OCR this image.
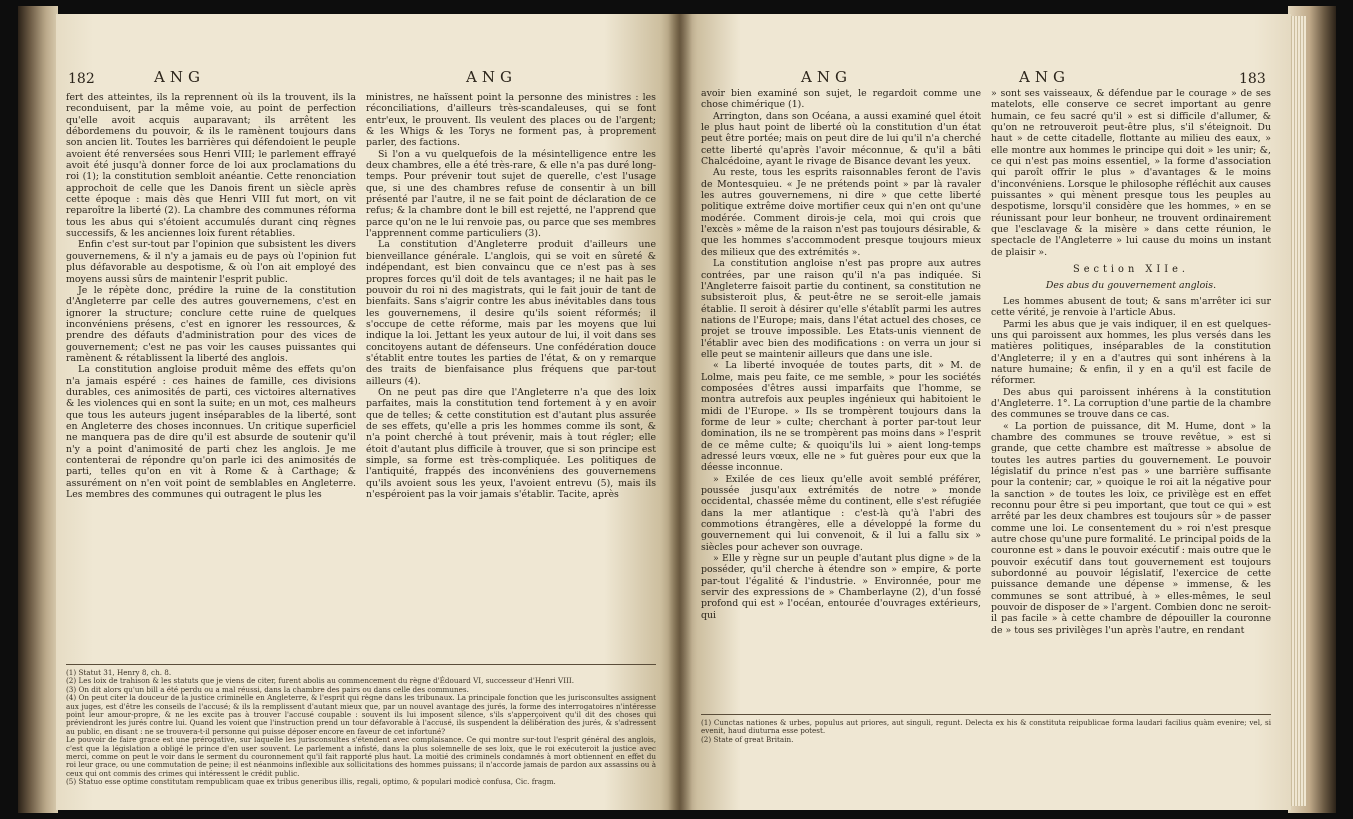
182	ANG	ANG

fert des atteintes, ils la reprennent où ils la trouvent, ils la reconduisent, par la même voie, au point de perfection qu'elle avoit acquis auparavant; ils arrêtent les débordemens du pouvoir, & ils le ramènent toujours dans son ancien lit. Toutes les barrières qui défendoient le peuple avoient été renversées sous Henri VIII; le parlement effrayé avoit été jusqu'à donner force de loi aux proclamations du roi (1); la constitution sembloit anéantie. Cette renonciation approchoit de celle que les Danois firent un siècle après cette époque : mais dès que Henri VIII fut mort, on vit reparoître la liberté (2). La chambre des communes réforma tous les abus qui s'étoient accumulés durant cinq règnes successifs, & les anciennes loix furent rétablies.

Enfin c'est sur-tout par l'opinion que subsistent les divers gouvernemens, & il n'y a jamais eu de pays où l'opinion fut plus défavorable au despotisme, & où l'on ait employé des moyens aussi sûrs de maintenir l'esprit public.

Je le répète donc, prédire la ruine de la constitution d'Angleterre par celle des autres gouvernemens, c'est en ignorer la structure; conclure cette ruine de quelques inconvéniens présens, c'est en ignorer les ressources, & prendre des défauts d'administration pour des vices de gouvernement; c'est ne pas voir les causes puissantes qui ramènent & rétablissent la liberté des anglois.

La constitution angloise produit même des effets qu'on n'a jamais espéré : ces haines de famille, ces divisions durables, ces animosités de parti, ces victoires alternatives & les violences qui en sont la suite; en un mot, ces malheurs que tous les auteurs jugent inséparables de la liberté, sont en Angleterre des choses inconnues. Un critique superficiel ne manquera pas de dire qu'il est absurde de soutenir qu'il n'y a point d'animosité de parti chez les anglois. Je me contenterai de répondre qu'on parle ici des animosités de parti, telles qu'on en vit à Rome & à Carthage; & assurément on n'en voit point de semblables en Angleterre. Les membres des communes qui outragent le plus les

ministres, ne haïssent point la personne des ministres : les réconciliations, d'ailleurs très-scandaleuses, qui se font entr'eux, le prouvent. Ils veulent des places ou de l'argent; & les Whigs & les Torys ne forment pas, à proprement parler, des factions.

Si l'on a vu quelquefois de la mésintelligence entre les deux chambres, elle a été très-rare, & elle n'a pas duré long-temps. Pour prévenir tout sujet de querelle, c'est l'usage que, si une des chambres refuse de consentir à un bill présenté par l'autre, il ne se fait point de déclaration de ce refus; & la chambre dont le bill est rejetté, ne l'apprend que parce qu'on ne le lui renvoie pas, ou parce que ses membres l'apprennent comme particuliers (3).

La constitution d'Angleterre produit d'ailleurs une bienveillance générale. L'anglois, qui se voit en sûreté & indépendant, est bien convaincu que ce n'est pas à ses propres forces qu'il doit de tels avantages; il ne hait pas le pouvoir du roi ni des magistrats, qui le fait jouir de tant de bienfaits. Sans s'aigrir contre les abus inévitables dans tous les gouvernemens, il desire qu'ils soient réformés; il s'occupe de cette réforme, mais par les moyens que lui indique la loi. Jettant les yeux autour de lui, il voit dans ses concitoyens autant de défenseurs. Une confédération douce s'établit entre toutes les parties de l'état, & on y remarque des traits de bienfaisance plus fréquens que par-tout ailleurs (4).

On ne peut pas dire que l'Angleterre n'a que des loix parfaites, mais la constitution tend fortement à y en avoir que de telles; & cette constitution est d'autant plus assurée de ses effets, qu'elle a pris les hommes comme ils sont, & n'a point cherché à tout prévenir, mais à tout régler; elle étoit d'autant plus difficile à trouver, que si son principe est simple, sa forme est très-compliquée. Les politiques de l'antiquité, frappés des inconvéniens des gouvernemens qu'ils avoient sous les yeux, l'avoient entrevu (5), mais ils n'espéroient pas la voir jamais s'établir. Tacite, après

(1) Statut 31, Henry 8, ch. 8.

(2) Les loix de trahison & les statuts que je viens de citer, furent abolis au commencement du règne d'Édouard VI, successeur d'Henri VIII.

(3) On dit alors qu'un bill a été perdu ou a mal réussi, dans la chambre des pairs ou dans celle des communes.

(4) On peut citer la douceur de la justice criminelle en Angleterre, & l'esprit qui règne dans les tribunaux. La principale fonction que les jurisconsultes assignent aux juges, est d'être les conseils de l'accusé; & ils la remplissent d'autant mieux que, par un nouvel avantage des jurés, la forme des interrogatoires n'intéresse point leur amour-propre, & ne les excite pas à trouver l'accusé coupable : souvent ils lui imposent silence, s'ils s'apperçoivent qu'il dit des choses qui préviendront les jurés contre lui. Quand les voient que l'instruction prend un tour défavorable à l'accusé, ils suspendent la délibération des jurés, & s'adressent au public, en disant : ne se trouvera-t-il personne qui puisse déposer encore en faveur de cet infortuné?

Le pouvoir de faire grace est une prérogative, sur laquelle les jurisconsultes s'étendent avec complaisance. Ce qui montre sur-tout l'esprit général des anglois, c'est que la législation a obligé le prince d'en user souvent. Le parlement a infisté, dans la plus solemnelle de ses loix, que le roi exécuteroit la justice avec merci, comme on peut le voir dans le serment du couronnement qu'il fait rapporté plus haut. La moitié des criminels condamnés à mort obtiennent en effet du roi leur grace, ou une commutation de peine; il est néanmoins inflexible aux sollicitations des hommes puissans; il n'accorde jamais de pardon aux assassins ou à ceux qui ont commis des crimes qui intéressent le crédit public.

(5) Statuo esse optime constitutam rempublicam quae ex tribus generibus illis, regali, optimo, & populari modicè confusa, Cic. fragm.

ANG	ANG	183

avoir bien examiné son sujet, le regardoit comme une chose chimérique (1).

Arrington, dans son Océana, a aussi examiné quel étoit le plus haut point de liberté où la constitution d'un état peut être portée; mais on peut dire de lui qu'il n'a cherché cette liberté qu'après l'avoir méconnue, & qu'il a bâti Chalcédoine, ayant le rivage de Bisance devant les yeux.

Au reste, tous les esprits raisonnables feront de l'avis de Montesquieu. « Je ne prétends point » par là ravaler les autres gouvernemens, ni dire » que cette liberté politique extrême doive mortifier ceux qui n'en ont qu'une modérée. Comment dirois-je cela, moi qui crois que l'excès » même de la raison n'est pas toujours désirable, & que les hommes s'accommodent presque toujours mieux des milieux que des extrémités ».

La constitution angloise n'est pas propre aux autres contrées, par une raison qu'il n'a pas indiquée. Si l'Angleterre faisoit partie du continent, sa constitution ne subsisteroit plus, & peut-être ne se seroit-elle jamais établie. Il seroit à désirer qu'elle s'établît parmi les autres nations de l'Europe; mais, dans l'état actuel des choses, ce projet se trouve impossible. Les Etats-unis viennent de l'établir avec bien des modifications : on verra un jour si elle peut se maintenir ailleurs que dans une isle.

« La liberté invoquée de toutes parts, dit » M. de Lolme, mais peu faite, ce me semble, » pour les sociétés composées d'êtres aussi imparfaits que l'homme, se montra autrefois aux peuples ingénieux qui habitoient le midi de l'Europe. » Ils se trompèrent toujours dans la forme de leur » culte; cherchant à porter par-tout leur domination, ils ne se trompèrent pas moins dans » l'esprit de ce même culte; & quoiqu'ils lui » aient long-temps adressé leurs vœux, elle ne » fut guères pour eux que la déesse inconnue.

» Exilée de ces lieux qu'elle avoit semblé préférer, poussée jusqu'aux extrémités de notre » monde occidental, chassée même du continent, elle s'est réfugiée dans la mer atlantique : c'est-là qu'à l'abri des commotions étrangères, elle a développé la forme du gouvernement qui lui convenoit, & il lui a fallu six » siècles pour achever son ouvrage.

» Elle y règne sur un peuple d'autant plus digne » de la posséder, qu'il cherche à étendre son » empire, & porte par-tout l'égalité & l'industrie. » Environnée, pour me servir des expressions de » Chamberlayne (2), d'un fossé profond qui est » l'océan, entourée d'ouvrages extérieurs, qui

» sont ses vaisseaux, & défendue par le courage » de ses matelots, elle conserve ce secret important au genre humain, ce feu sacré qu'il » est si difficile d'allumer, & qu'on ne retrouveroit peut-être plus, s'il s'éteignoit. Du haut » de cette citadelle, flottante au milieu des eaux, » elle montre aux hommes le principe qui doit » les unir; &, ce qui n'est pas moins essentiel, » la forme d'association qui paroît offrir le plus » d'avantages & le moins d'inconvéniens. Lorsque le philosophe réfléchit aux causes puissantes » qui mènent presque tous les peuples au despotisme, lorsqu'il considère que les hommes, » en se réunissant pour leur bonheur, ne trouvent ordinairement que l'esclavage & la misère » dans cette réunion, le spectacle de l'Angleterre » lui cause du moins un instant de plaisir ».

Section XIIe.

Des abus du gouvernement anglois.

Les hommes abusent de tout; & sans m'arrêter ici sur cette vérité, je renvoie à l'article Abus.

Parmi les abus que je vais indiquer, il en est quelques-uns qui paroissent aux hommes, les plus versés dans les matières politiques, inséparables de la constitution d'Angleterre; il y en a d'autres qui sont inhérens à la nature humaine; & enfin, il y en a qu'il est facile de réformer.

Des abus qui paroissent inhérens à la constitution d'Angleterre. 1°. La corruption d'une partie de la chambre des communes se trouve dans ce cas.

« La portion de puissance, dit M. Hume, dont » la chambre des communes se trouve revêtue, » est si grande, que cette chambre est maîtresse » absolue de toutes les autres parties du gouvernement. Le pouvoir législatif du prince n'est pas » une barrière suffisante pour la contenir; car, » quoique le roi ait la négative pour la sanction » de toutes les loix, ce privilège est en effet reconnu pour être si peu important, que tout ce qui » est arrêté par les deux chambres est toujours sûr » de passer comme une loi. Le consentement du » roi n'est presque autre chose qu'une pure formalité. Le principal poids de la couronne est » dans le pouvoir exécutif : mais outre que le pouvoir exécutif dans tout gouvernement est toujours subordonné au pouvoir législatif, l'exercice de cette puissance demande une dépense » immense, & les communes se sont attribué, à » elles-mêmes, le seul pouvoir de disposer de » l'argent. Combien donc ne seroit-il pas facile » à cette chambre de dépouiller la couronne de » tous ses privilèges l'un après l'autre, en rendant

(1) Cunctas nationes & urbes, populus aut priores, aut singuli, regunt. Delecta ex his & constituta reipublicae forma laudari facilius quàm evenire; vel, si evenit, haud diuturna esse potest.

(2) State of great Britain.
